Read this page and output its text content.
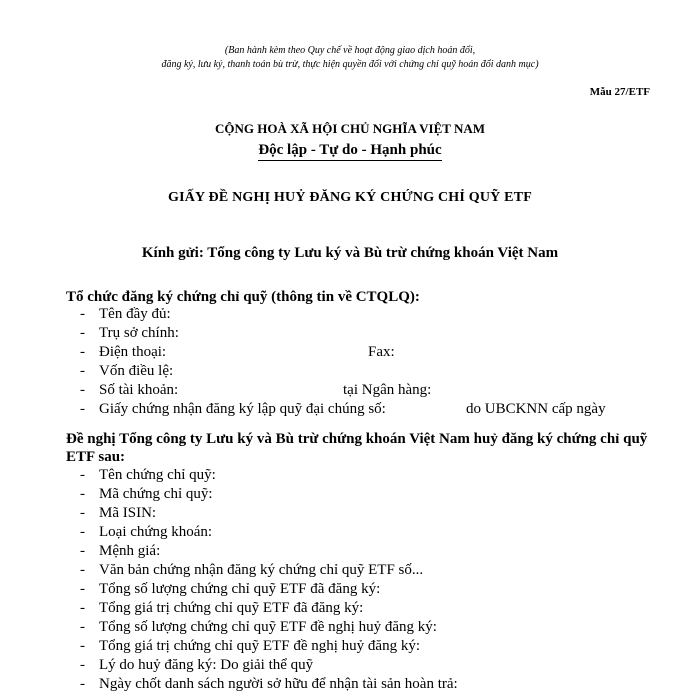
(Ban hành kèm theo Quy chế về hoạt động giao dịch hoán đổi,
đăng ký, lưu ký, thanh toán bù trừ, thực hiện quyền đối với chứng chỉ quỹ hoán đổi danh mục)
Mẫu 27/ETF
CỘNG HOÀ XÃ HỘI CHỦ NGHĨA VIỆT NAM
Độc lập - Tự do - Hạnh phúc
GIẤY ĐỀ NGHỊ HUỶ ĐĂNG KÝ CHỨNG CHỈ QUỸ ETF
Kính gửi: Tổng công ty Lưu ký và Bù trừ chứng khoán Việt Nam
Tổ chức đăng ký chứng chỉ quỹ (thông tin về CTQLQ):
- Tên đầy đủ:
- Trụ sở chính:
- Điện thoại:	Fax:
- Vốn điều lệ:
- Số tài khoản:	tại Ngân hàng:
- Giấy chứng nhận đăng ký lập quỹ đại chúng số:	do UBCKNN cấp ngày
Đề nghị Tổng công ty Lưu ký và Bù trừ chứng khoán Việt Nam huỷ đăng ký chứng chỉ quỹ ETF sau:
- Tên chứng chỉ quỹ:
- Mã chứng chỉ quỹ:
- Mã ISIN:
- Loại chứng khoán:
- Mệnh giá:
- Văn bản chứng nhận đăng ký chứng chỉ quỹ ETF số...
- Tổng số lượng chứng chỉ quỹ ETF đã đăng ký:
- Tổng giá trị chứng chỉ quỹ ETF đã đăng ký:
- Tổng số lượng chứng chỉ quỹ ETF đề nghị huỷ đăng ký:
- Tổng giá trị chứng chỉ quỹ ETF đề nghị huỷ đăng ký:
- Lý do huỷ đăng ký: Do giải thể quỹ
- Ngày chốt danh sách người sở hữu để nhận tài sản hoàn trả:
